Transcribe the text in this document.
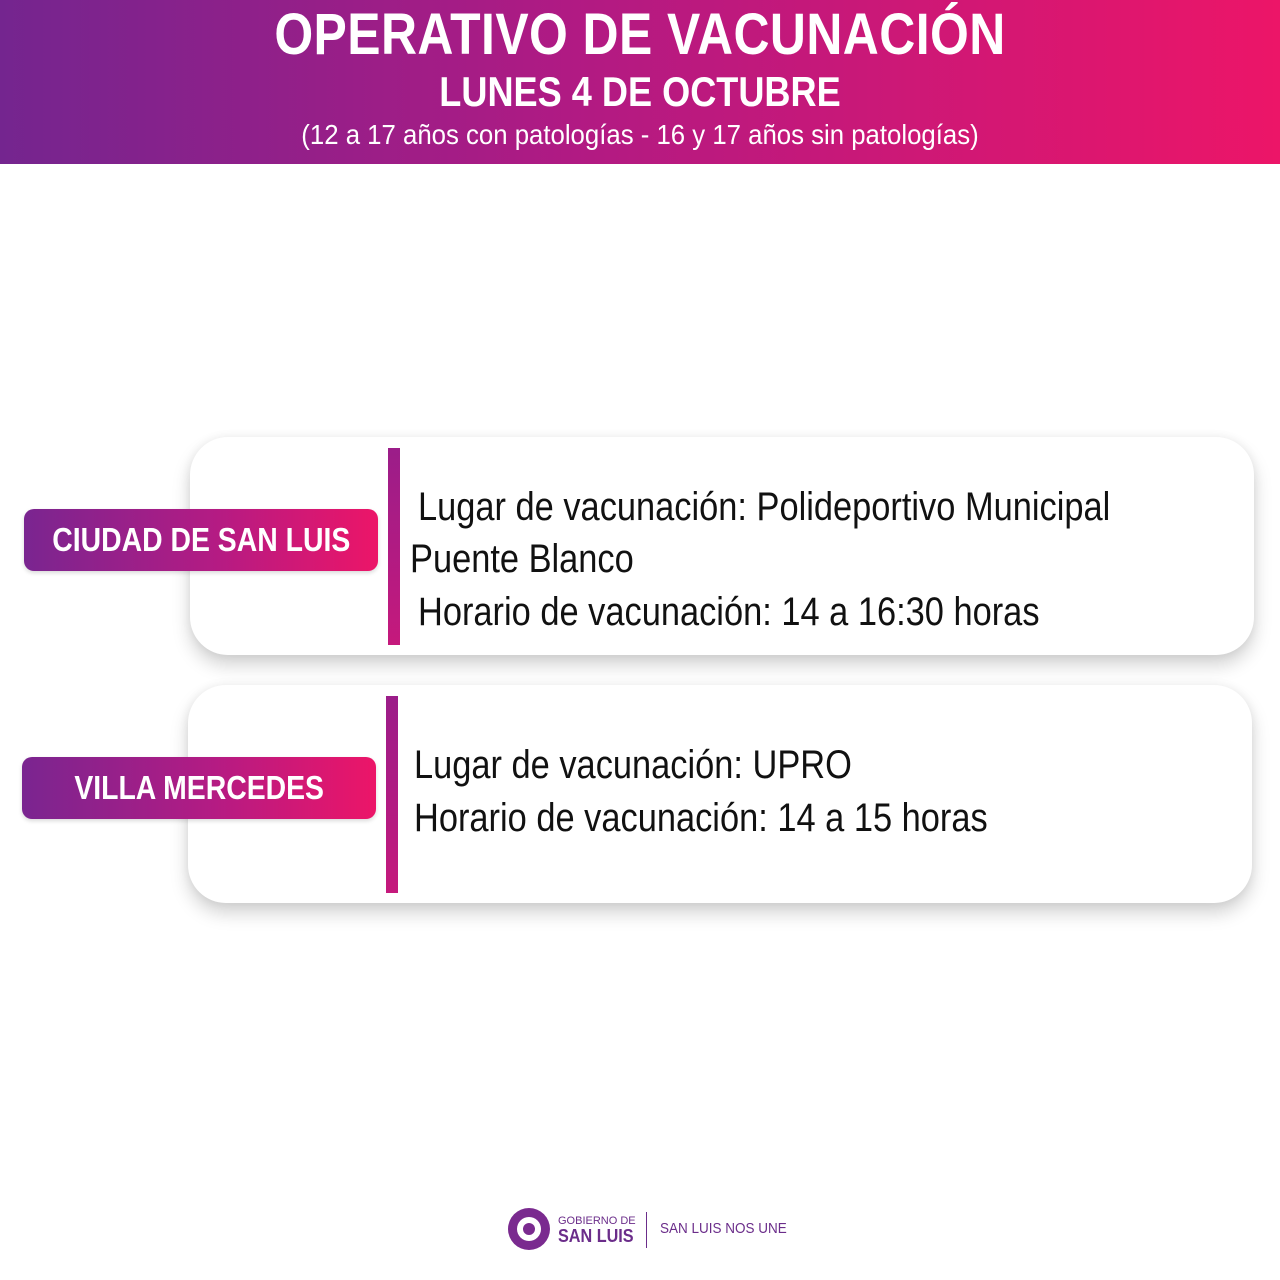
OPERATIVO DE VACUNACIÓN
LUNES 4 DE OCTUBRE
(12 a 17 años con patologías - 16 y 17 años sin patologías)
CIUDAD DE SAN LUIS
Lugar de vacunación: Polideportivo Municipal
Puente Blanco
Horario de vacunación: 14 a 16:30 horas
VILLA MERCEDES
Lugar de vacunación: UPRO
Horario de vacunación: 14 a 15 horas
GOBIERNO DE
SAN LUIS SAN LUIS NOS UNE
